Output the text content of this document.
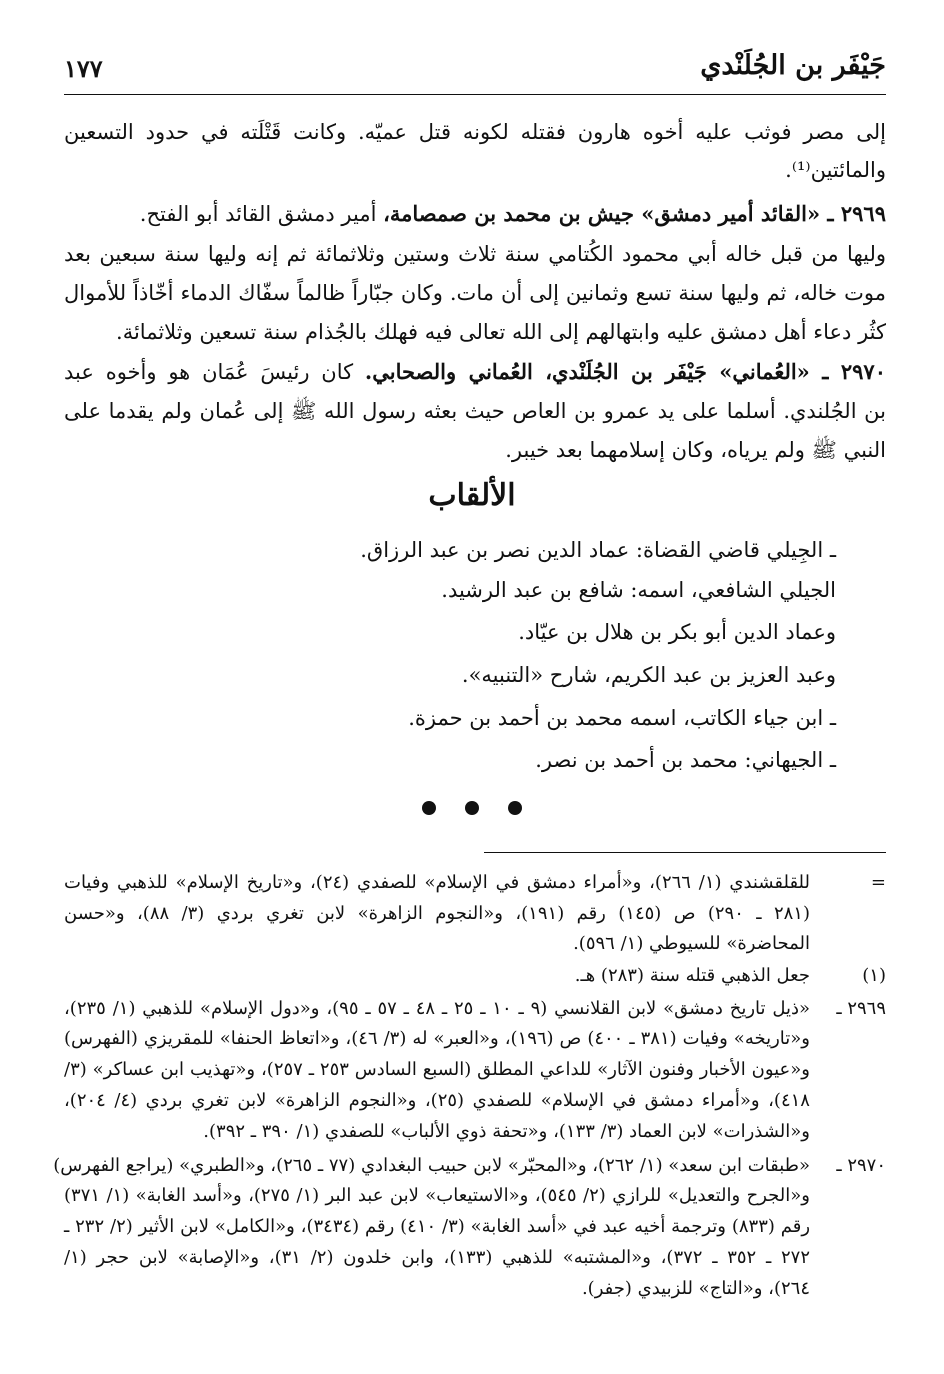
جَيْفَر بن الجُلَنْدي
١٧٧
إلى مصر فوثب عليه أخوه هارون فقتله لكونه قتل عميّه. وكانت قَتْلَته في حدود التسعين
والمائتين⁽¹⁾.
٢٩٦٩ ـ «القائد أمير دمشق» جيش بن محمد بن صمصامة، أمير دمشق القائد أبو الفتح.
وليها من قبل خاله أبي محمود الكُتامي سنة ثلاث وستين وثلاثمائة ثم إنه وليها سنة سبعين بعد
موت خاله، ثم وليها سنة تسع وثمانين إلى أن مات. وكان جبّاراً ظالماً سفّاك الدماء أخّاذاً للأموال
كثُر دعاء أهل دمشق عليه وابتهالهم إلى الله تعالى فيه فهلك بالجُذام سنة تسعين وثلاثمائة.
٢٩٧٠ ـ «العُماني» جَيْفَر بن الجُلَنْدي، العُماني والصحابي. كان رئيسَ عُمَان هو وأخوه عبد
بن الجُلندي. أسلما على يد عمرو بن العاص حيث بعثه رسول الله ﷺ إلى عُمان ولم يقدما على
النبي ﷺ ولم يرياه، وكان إسلامهما بعد خيبر.
الألقاب
ـ الجِيلي قاضي القضاة: عماد الدين نصر بن عبد الرزاق.
الجيلي الشافعي، اسمه: شافع بن عبد الرشيد.
وعماد الدين أبو بكر بن هلال بن عيّاد.
وعبد العزيز بن عبد الكريم، شارح «التنبيه».
ـ ابن جياء الكاتب، اسمه محمد بن أحمد بن حمزة.
ـ الجيهاني: محمد بن أحمد بن نصر.

=
للقلقشندي (١/ ٢٦٦)، و«أمراء دمشق في الإسلام» للصفدي (٢٤)، و«تاريخ الإسلام» للذهبي وفيات
(٢٨١ ـ ٢٩٠) ص (١٤٥) رقم (١٩١)، و«النجوم الزاهرة» لابن تغري بردي (٣/ ٨٨)، و«حسن
المحاضرة» للسيوطي (١/ ٥٩٦).
(١)
جعل الذهبي قتله سنة (٢٨٣) هـ.
٢٩٦٩ ـ
«ذيل تاريخ دمشق» لابن القلانسي (٩ ـ ١٠ ـ ٢٥ ـ ٤٨ ـ ٥٧ ـ ٩٥)، و«دول الإسلام» للذهبي (١/ ٢٣٥)،
و«تاريخه» وفيات (٣٨١ ـ ٤٠٠) ص (١٩٦)، و«العبر» له (٣/ ٤٦)، و«اتعاظ الحنفا» للمقريزي (الفهرس)
و«عيون الأخبار وفنون الآثار» للداعي المطلق (السبع السادس ٢٥٣ ـ ٢٥٧)، و«تهذيب ابن عساكر» (٣/
٤١٨)، و«أمراء دمشق في الإسلام» للصفدي (٢٥)، و«النجوم الزاهرة» لابن تغري بردي (٤/ ٢٠٤)،
و«الشذرات» لابن العماد (٣/ ١٣٣)، و«تحفة ذوي الألباب» للصفدي (١/ ٣٩٠ ـ ٣٩٢).
٢٩٧٠ ـ
«طبقات ابن سعد» (١/ ٢٦٢)، و«المحبّر» لابن حبيب البغدادي (٧٧ ـ ٢٦٥)، و«الطبري» (يراجع الفهرس)
و«الجرح والتعديل» للرازي (٢/ ٥٤٥)، و«الاستيعاب» لابن عبد البر (١/ ٢٧٥)، و«أسد الغابة» (١/ ٣٧١)
رقم (٨٣٣) وترجمة أخيه عبد في «أسد الغابة» (٣/ ٤١٠) رقم (٣٤٣٤)، و«الكامل» لابن الأثير (٢/ ٢٣٢ ـ
٢٧٢ ـ ٣٥٢ ـ ٣٧٢)، و«المشتبه» للذهبي (١٣٣)، وابن خلدون (٢/ ٣١)، و«الإصابة» لابن حجر (١/
٢٦٤)، و«التاج» للزبيدي (جفر).
